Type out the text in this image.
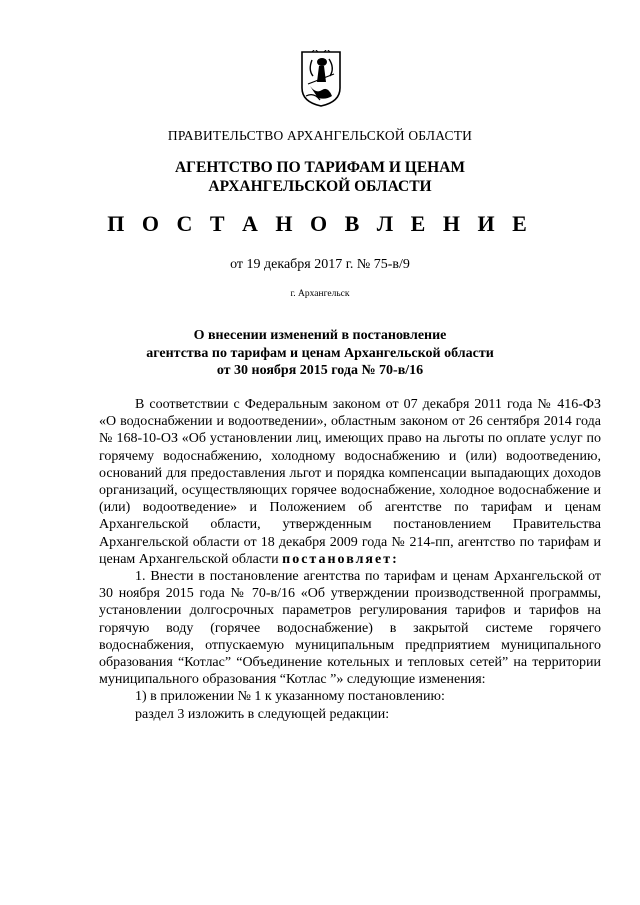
ПРАВИТЕЛЬСТВО АРХАНГЕЛЬСКОЙ ОБЛАСТИ
АГЕНТСТВО ПО ТАРИФАМ И ЦЕНАМ
АРХАНГЕЛЬСКОЙ ОБЛАСТИ
П О С Т А Н О В Л Е Н И Е
от 19 декабря 2017 г. № 75-в/9
г. Архангельск
О внесении изменений в постановление
агентства по тарифам и ценам Архангельской области
от 30 ноября 2015 года № 70-в/16

В соответствии с Федеральным законом от 07 декабря 2011 года № 416-ФЗ «О водоснабжении и водоотведении», областным законом от 26 сентября 2014 года № 168-10-ОЗ «Об установлении лиц, имеющих право на льготы по оплате услуг по горячему водоснабжению, холодному водоснабжению и (или) водоотведению, оснований для предоставления льгот и порядка компенсации выпадающих доходов организаций, осуществляющих горячее водоснабжение, холодное водоснабжение и (или) водоотведение» и Положением об агентстве по тарифам и ценам Архангельской области, утвержденным постановлением Правительства Архангельской области от 18 декабря 2009 года № 214-пп, агентство по тарифам и ценам Архангельской области постановляет:

1. Внести в постановление агентства по тарифам и ценам Архангельской от 30 ноября 2015 года № 70-в/16 «Об утверждении производственной программы, установлении долгосрочных параметров регулирования тарифов и тарифов на горячую воду (горячее водоснабжение) в закрытой системе горячего водоснабжения, отпускаемую муниципальным предприятием муниципального образования “Котлас” “Объединение котельных и тепловых сетей” на территории муниципального образования “Котлас ”» следующие изменения:

1) в приложении № 1 к указанному постановлению:

раздел 3 изложить в следующей редакции:
